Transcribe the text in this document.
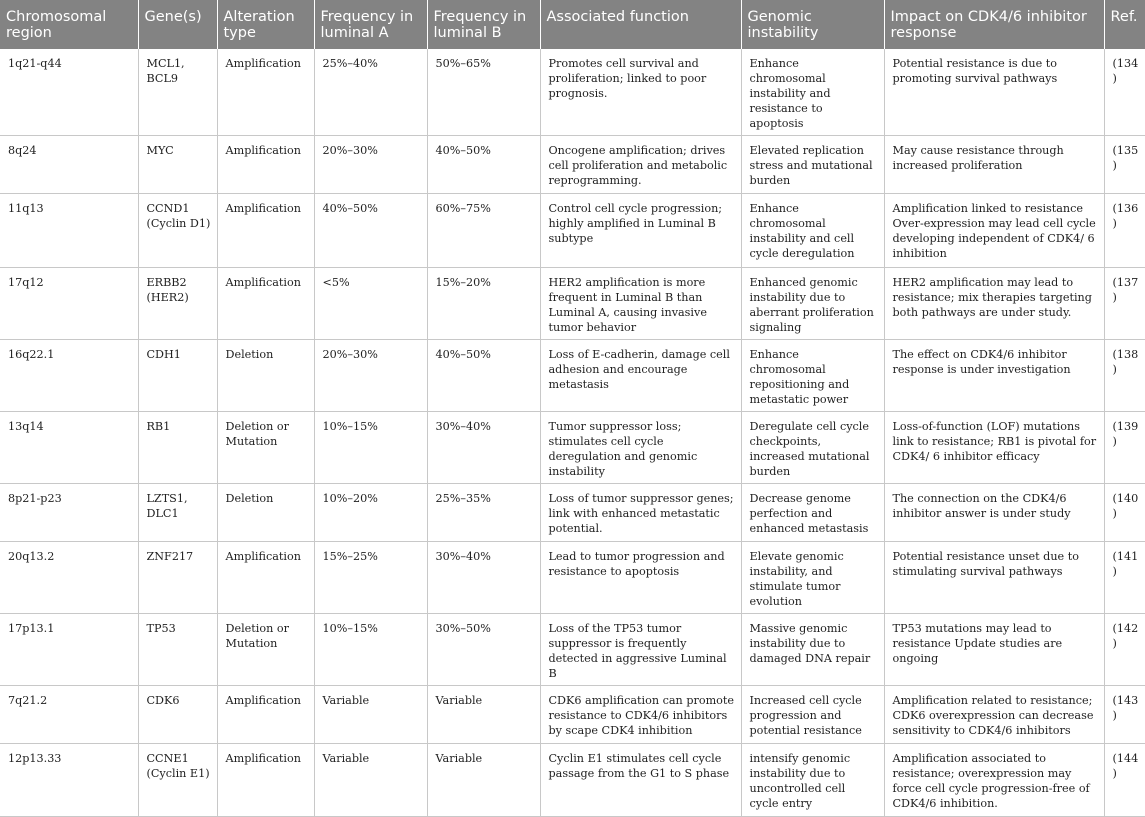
Chromosomal region	Gene(s)	Alteration type	Frequency in luminal A	Frequency in luminal B	Associated function	Genomic instability	Impact on CDK4/6 inhibitor response	Ref.
1q21-q44	MCL1, BCL9	Amplification	25%–40%	50%–65%	Promotes cell survival and proliferation; linked to poor prognosis.	Enhance chromosomal instability and resistance to apoptosis	Potential resistance is due to promoting survival pathways	(134)
8q24	MYC	Amplification	20%–30%	40%–50%	Oncogene amplification; drives cell proliferation and metabolic reprogramming.	Elevated replication stress and mutational burden	May cause resistance through increased proliferation	(135)
11q13	CCND1 (Cyclin D1)	Amplification	40%–50%	60%–75%	Control cell cycle progression; highly amplified in Luminal B subtype	Enhance chromosomal instability and cell cycle deregulation	Amplification linked to resistance Over-expression may lead cell cycle developing independent of CDK4/ 6 inhibition	(136)
17q12	ERBB2 (HER2)	Amplification	<5%	15%–20%	HER2 amplification is more frequent in Luminal B than Luminal A, causing invasive tumor behavior	Enhanced genomic instability due to aberrant proliferation signaling	HER2 amplification may lead to resistance; mix therapies targeting both pathways are under study.	(137)
16q22.1	CDH1	Deletion	20%–30%	40%–50%	Loss of E-cadherin, damage cell adhesion and encourage metastasis	Enhance chromosomal repositioning and metastatic power	The effect on CDK4/6 inhibitor response is under investigation	(138)
13q14	RB1	Deletion or Mutation	10%–15%	30%–40%	Tumor suppressor loss; stimulates cell cycle deregulation and genomic instability	Deregulate cell cycle checkpoints, increased mutational burden	Loss-of-function (LOF) mutations link to resistance; RB1 is pivotal for CDK4/ 6 inhibitor efficacy	(139)
8p21-p23	LZTS1, DLC1	Deletion	10%–20%	25%–35%	Loss of tumor suppressor genes; link with enhanced metastatic potential.	Decrease genome perfection and enhanced metastasis	The connection on the CDK4/6 inhibitor answer is under study	(140)
20q13.2	ZNF217	Amplification	15%–25%	30%–40%	Lead to tumor progression and resistance to apoptosis	Elevate genomic instability, and stimulate tumor evolution	Potential resistance unset due to stimulating survival pathways	(141)
17p13.1	TP53	Deletion or Mutation	10%–15%	30%–50%	Loss of the TP53 tumor suppressor is frequently detected in aggressive Luminal B	Massive genomic instability due to damaged DNA repair	TP53 mutations may lead to resistance Update studies are ongoing	(142)
7q21.2	CDK6	Amplification	Variable	Variable	CDK6 amplification can promote resistance to CDK4/6 inhibitors by scape CDK4 inhibition	Increased cell cycle progression and potential resistance	Amplification related to resistance; CDK6 overexpression can decrease sensitivity to CDK4/6 inhibitors	(143)
12p13.33	CCNE1 (Cyclin E1)	Amplification	Variable	Variable	Cyclin E1 stimulates cell cycle passage from the G1 to S phase	intensify genomic instability due to uncontrolled cell cycle entry	Amplification associated to resistance; overexpression may force cell cycle progression-free of CDK4/6 inhibition.	(144)
